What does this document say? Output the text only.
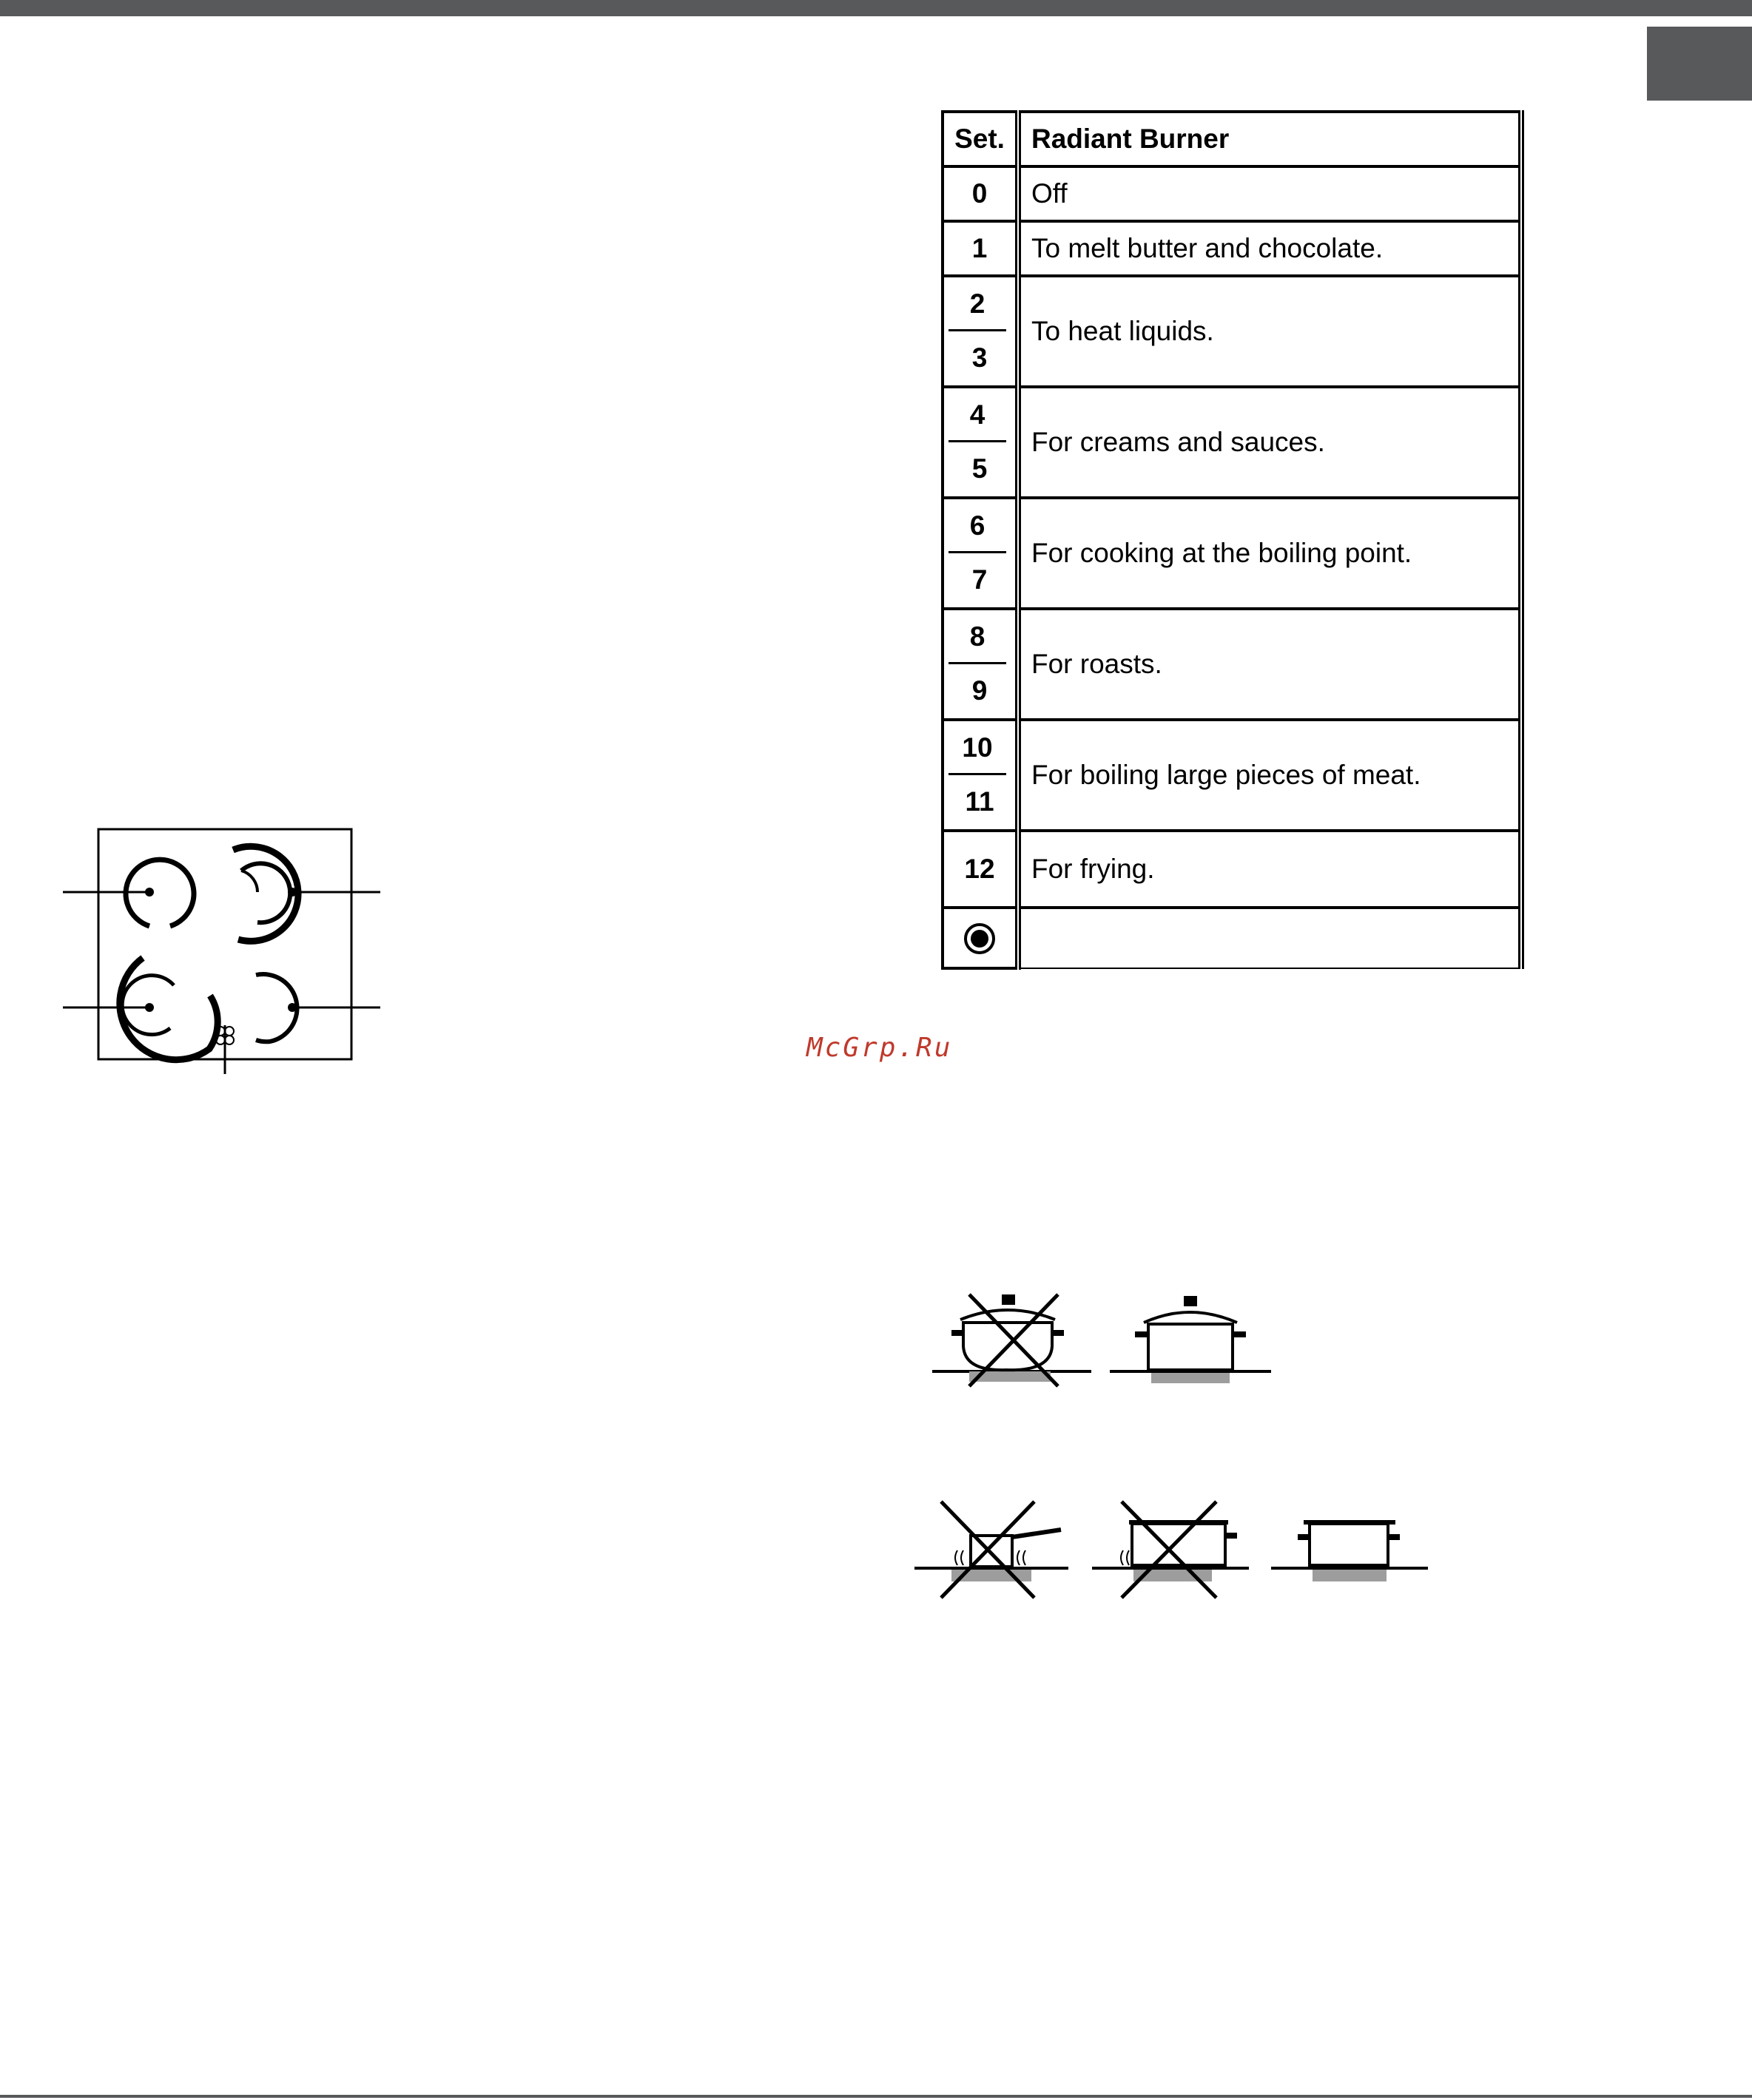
Set.	Radiant Burner
0	Off
1	To melt butter and chocolate.

2
3	To heat liquids.

4
5	For creams and sauces.

6
7	For cooking at the boiling point.

8
9	For roasts.

10
11	For boiling large pieces of meat.
12	For frying.

McGrp.Ru
